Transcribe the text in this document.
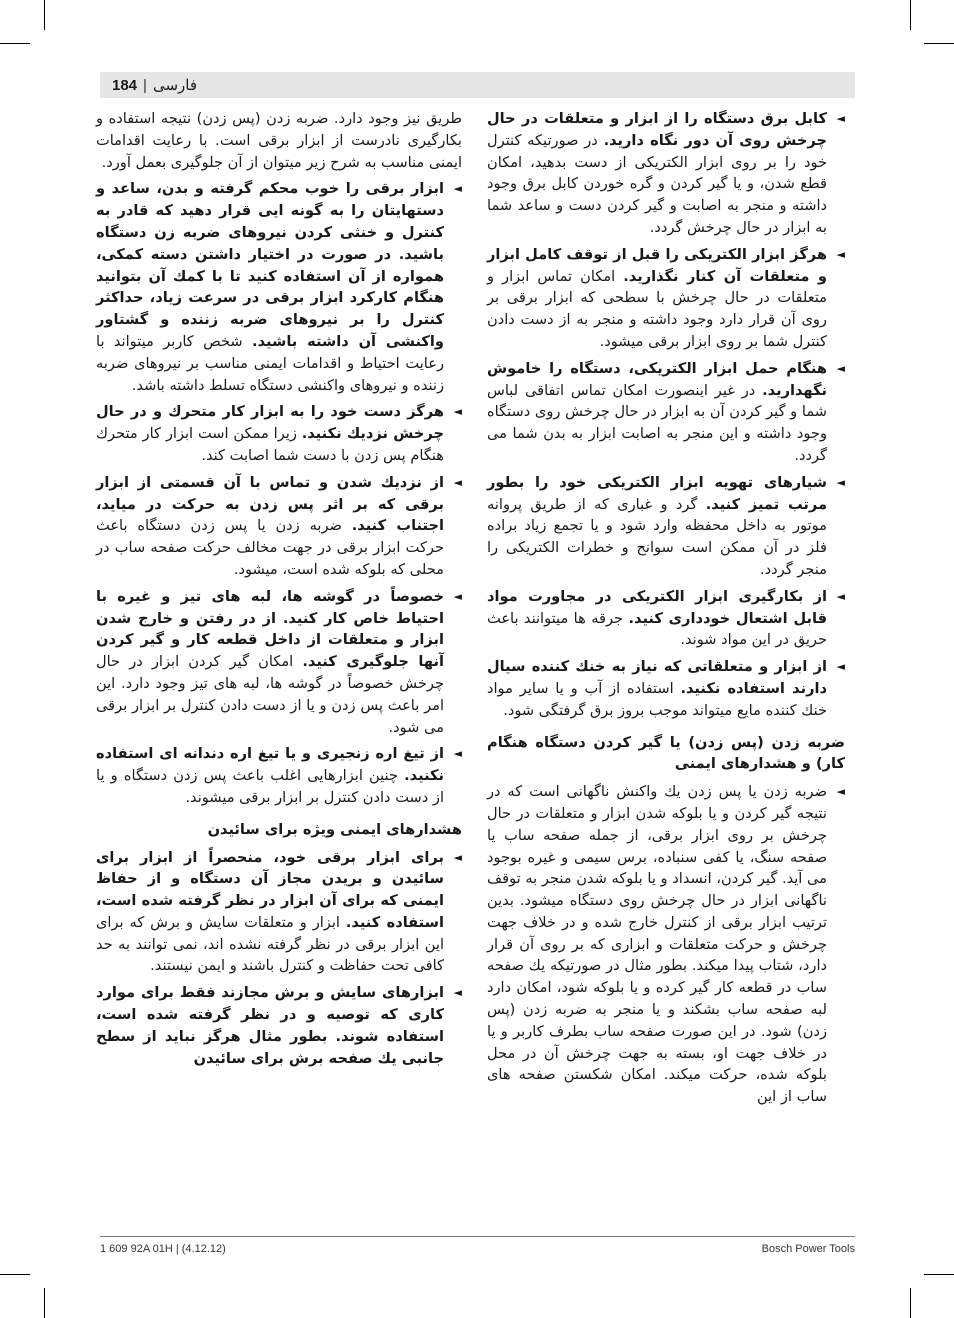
184 | فارسی
◄
کابل برق دستگاه را از ابزار و متعلقات در حال چرخش روی آن دور نگاه دارید. در صورتیکه کنترل خود را بر روی ابزار الکتریکی از دست بدهید، امکان قطع شدن، و یا گیر کردن و گره خوردن کابل برق وجود داشته و منجر به اصابت و گیر کردن دست و ساعد شما به ابزار در حال چرخش گردد.
◄
هرگز ابزار الکتریکی را قبل از توقف کامل ابزار و متعلقات آن کنار نگذارید. امکان تماس ابزار و متعلقات در حال چرخش با سطحی که ابزار برقی بر روی آن قرار دارد وجود داشته و منجر به از دست دادن کنترل شما بر روی ابزار برقی میشود.
◄
هنگام حمل ابزار الکتریکی، دستگاه را خاموش نگهدارید. در غیر اینصورت امکان تماس اتفاقی لباس شما و گیر کردن آن به ابزار در حال چرخش روی دستگاه وجود داشته و این منجر به اصابت ابزار به بدن شما می گردد.
◄
شیارهای تهویه ابزار الکتریکی خود را بطور مرتب تمیز کنید. گرد و غباری که از طریق پروانه موتور به داخل محفظه وارد شود و یا تجمع زیاد براده فلز در آن ممکن است سوانح و خطرات الکتریکی را منجر گردد.
◄
از بکارگیری ابزار الکتریکی در مجاورت مواد قابل اشتعال خودداری کنید. جرقه ها میتوانند باعث حریق در این مواد شوند.
◄
از ابزار و متعلقاتی که نیاز به خنك كننده سیال دارند استفاده نكنید. استفاده از آب و یا سایر مواد خنك كننده مایع میتواند موجب بروز برق گرفتگی شود.
ضربه زدن (پس زدن) یا گیر کردن دستگاه هنگام کار) و هشدارهای ایمنی
◄
ضربه زدن یا پس زدن یك واكنش ناگهانی است كه در نتیجه گیر كردن و یا بلوكه شدن ابزار و متعلقات در حال چرخش بر روی ابزار برقی، از جمله صفحه ساب یا صفحه سنگ، یا كفی سنباده، برس سیمی و غیره بوجود می آید. گیر كردن، انسداد و یا بلوكه شدن منجر به توقف ناگهانی ابزار در حال چرخش روی دستگاه میشود. بدین ترتیب ابزار برقی از كنترل خارج شده و در خلاف جهت چرخش و حركت متعلقات و ابزاری كه بر روی آن قرار دارد، شتاب پیدا میكند. بطور مثال در صورتیكه یك صفحه ساب در قطعه كار گیر كرده و یا بلوكه شود، امكان دارد لبه صفحه ساب بشكند و یا منجر به ضربه زدن (پس زدن) شود. در این صورت صفحه ساب بطرف كاربر و یا در خلاف جهت او، بسته به جهت چرخش آن در محل بلوكه شده، حركت میكند. امكان شكستن صفحه های ساب از این
طریق نیز وجود دارد. ضربه زدن (پس زدن) نتیجه استفاده و بكارگیری نادرست از ابزار برقی است. با رعایت اقدامات ایمنی مناسب به شرح زیر میتوان از آن جلوگیری بعمل آورد.
◄
ابزار برقی را خوب محكم گرفته و بدن، ساعد و دستهایتان را به گونه ایی قرار دهید كه قادر به كنترل و خنثی كردن نیروهای ضربه زن دستگاه باشید. در صورت در اختیار داشتن دسته كمكی، همواره از آن استفاده كنید تا با كمك آن بتوانید هنگام كاركرد ابزار برقی در سرعت زیاد، حداكثر كنترل را بر نیروهای ضربه زننده و گشتاور واكنشی آن داشته باشید. شخص كاربر میتواند با رعایت احتیاط و اقدامات ایمنی مناسب بر نیروهای ضربه زننده و نیروهای واكنشی دستگاه تسلط داشته باشد.
◄
هرگز دست خود را به ابزار كار متحرك و در حال چرخش نزدیك نكنید. زیرا ممكن است ابزار كار متحرك هنگام پس زدن با دست شما اصابت كند.
◄
از نزدیك شدن و تماس با آن قسمتی از ابزار برقی كه بر اثر پس زدن به حركت در میاید، اجتناب كنید. ضربه زدن یا پس زدن دستگاه باعث حركت ابزار برقی در جهت مخالف حركت صفحه ساب در محلی كه بلوكه شده است، میشود.
◄
خصوصاً در گوشه ها، لبه های تیز و غیره با احتیاط خاص كار كنید. از در رفتن و خارج شدن ابزار و متعلقات از داخل قطعه كار و گیر كردن آنها جلوگیری كنید. امكان گیر كردن ابزار در حال چرخش خصوصاً در گوشه ها، لبه های تیز وجود دارد. این امر باعث پس زدن و یا از دست دادن كنترل بر ابزار برقی می شود.
◄
از تیغ اره زنجیری و یا تیغ اره دندانه ای استفاده نكنید. چنین ابزارهایی اغلب باعث پس زدن دستگاه و یا از دست دادن كنترل بر ابزار برقی میشوند.
هشدارهای ایمنی ویژه برای سائیدن
◄
برای ابزار برقی خود، منحصراً از ابزار برای سائیدن و بریدن مجاز آن دستگاه و از حفاظ ایمنی كه برای آن ابزار در نظر گرفته شده است، استفاده كنید. ابزار و متعلقات سایش و برش كه برای این ابزار برقی در نظر گرفته نشده اند، نمی توانند به حد كافی تحت حفاظت و كنترل باشند و ایمن نیستند.
◄
ابزارهای سایش و برش مجازند فقط برای موارد كاری كه توصیه و در نظر گرفته شده است، استفاده شوند. بطور مثال هرگز نباید از سطح جانبی یك صفحه برش برای سائیدن
1 609 92A 01H | (4.12.12)	Bosch Power Tools
